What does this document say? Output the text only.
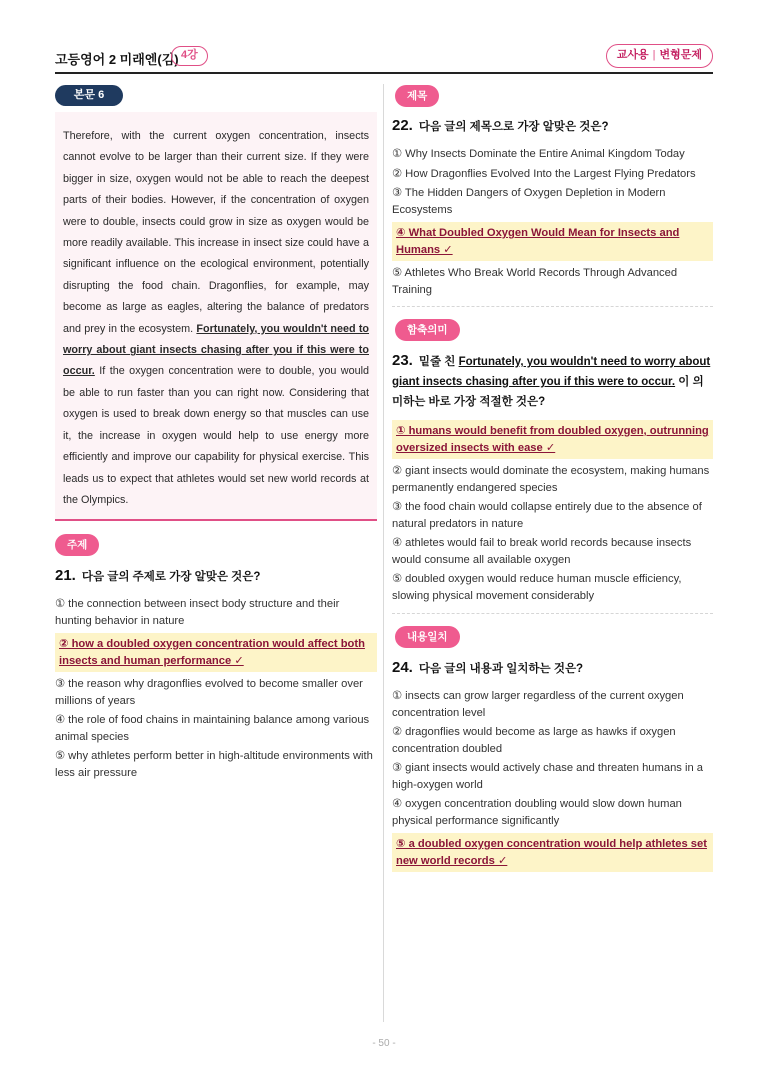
고등영어 2 미래엔(김) 4강	교사용 | 변형문제
본문 6
Therefore, with the current oxygen concentration, insects cannot evolve to be larger than their current size. If they were bigger in size, oxygen would not be able to reach the deepest parts of their bodies. However, if the concentration of oxygen were to double, insects could grow in size as oxygen would be more readily available. This increase in insect size could have a significant influence on the ecological environment, potentially disrupting the food chain. Dragonflies, for example, may become as large as eagles, altering the balance of predators and prey in the ecosystem. Fortunately, you wouldn't need to worry about giant insects chasing after you if this were to occur. If the oxygen concentration were to double, you would be able to run faster than you can right now. Considering that oxygen is used to break down energy so that muscles can use it, the increase in oxygen would help to use energy more efficiently and improve our capability for physical exercise. This leads us to expect that athletes would set new world records at the Olympics.
주제
21. 다음 글의 주제로 가장 알맞은 것은?
① the connection between insect body structure and their hunting behavior in nature
② how a doubled oxygen concentration would affect both insects and human performance ✓
③ the reason why dragonflies evolved to become smaller over millions of years
④ the role of food chains in maintaining balance among various animal species
⑤ why athletes perform better in high-altitude environments with less air pressure
제목
22. 다음 글의 제목으로 가장 알맞은 것은?
① Why Insects Dominate the Entire Animal Kingdom Today
② How Dragonflies Evolved Into the Largest Flying Predators
③ The Hidden Dangers of Oxygen Depletion in Modern Ecosystems
④ What Doubled Oxygen Would Mean for Insects and Humans ✓
⑤ Athletes Who Break World Records Through Advanced Training
함축의미
23. 밑줄 친 Fortunately, you wouldn't need to worry about giant insects chasing after you if this were to occur. 이 의미하는 바로 가장 적절한 것은?
① humans would benefit from doubled oxygen, outrunning oversized insects with ease ✓
② giant insects would dominate the ecosystem, making humans permanently endangered species
③ the food chain would collapse entirely due to the absence of natural predators in nature
④ athletes would fail to break world records because insects would consume all available oxygen
⑤ doubled oxygen would reduce human muscle efficiency, slowing physical movement considerably
내용일치
24. 다음 글의 내용과 일치하는 것은?
① insects can grow larger regardless of the current oxygen concentration level
② dragonflies would become as large as hawks if oxygen concentration doubled
③ giant insects would actively chase and threaten humans in a high-oxygen world
④ oxygen concentration doubling would slow down human physical performance significantly
⑤ a doubled oxygen concentration would help athletes set new world records ✓
- 50 -
